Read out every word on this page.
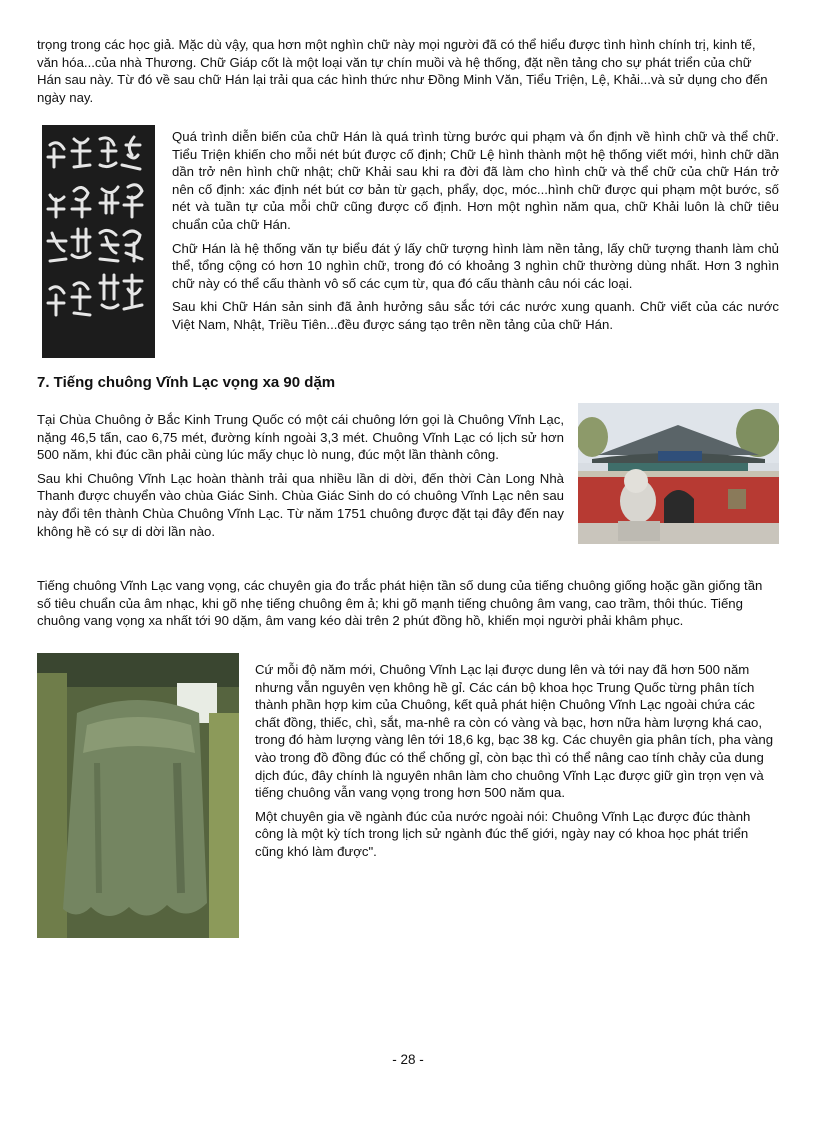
trọng trong các học giả. Mặc dù vậy, qua hơn một nghìn chữ này mọi người đã có thể hiểu được tình hình chính trị, kinh tế, văn hóa...của nhà Thương. Chữ Giáp cốt là một loại văn tự chín muồi và hệ thống, đặt nền tảng cho sự phát triển của chữ Hán sau này. Từ đó về sau chữ Hán lại trải qua các hình thức như Đồng Minh Văn, Tiểu Triện, Lệ, Khải...và sử dụng cho đến ngày nay.

Quá trình diễn biến của chữ Hán là quá trình từng bước qui phạm và ổn định về hình chữ và thể chữ. Tiểu Triện khiến cho mỗi nét bút được cố định; Chữ Lệ hình thành một hệ thống viết mới, hình chữ dần dần trở nên hình chữ nhật; chữ Khải sau khi ra đời đã làm cho hình chữ và thể chữ của chữ Hán trở nên cố định: xác định nét bút cơ bản từ gạch, phẩy, dọc, móc...hình chữ được qui phạm một bước, số nét và tuần tự của mỗi chữ cũng được cố định. Hơn một nghìn năm qua, chữ Khải luôn là chữ tiêu chuẩn của chữ Hán.

Chữ Hán là hệ thống văn tự biểu đát ý lấy chữ tượng hình làm nền tảng, lấy chữ tượng thanh làm chủ thể, tổng cộng có hơn 10 nghìn chữ, trong đó có khoảng 3 nghìn chữ thường dùng nhất. Hơn 3 nghìn chữ này có thể cấu thành vô số các cụm từ, qua đó cấu thành câu nói các loại.

Sau khi Chữ Hán sản sinh đã ảnh hưởng sâu sắc tới các nước xung quanh. Chữ viết của các nước Việt Nam, Nhật, Triều Tiên...đều được sáng tạo trên nền tảng của chữ Hán.

7. Tiếng chuông Vĩnh Lạc vọng xa 90 dặm

Tại Chùa Chuông ở Bắc Kinh Trung Quốc có một cái chuông lớn gọi là Chuông Vĩnh Lạc, nặng 46,5 tấn, cao 6,75 mét, đường kính ngoài 3,3 mét. Chuông Vĩnh Lạc có lịch sử hơn 500 năm, khi đúc cần phải cùng lúc mấy chục lò nung, đúc một lần thành công.

Sau khi Chuông Vĩnh Lạc hoàn thành trải qua nhiều lần di dời, đến thời Càn Long Nhà Thanh được chuyển vào chùa Giác Sinh. Chùa Giác Sinh do có chuông Vĩnh Lạc nên sau này đổi tên thành Chùa Chuông Vĩnh Lạc. Từ năm 1751 chuông được đặt tại đây đến nay không hề có sự di dời lần nào.

Tiếng chuông Vĩnh Lạc vang vọng, các chuyên gia đo trắc phát hiện tần số dung của tiếng chuông giống hoặc gần giống tần số tiêu chuẩn của âm nhạc, khi gõ nhẹ tiếng chuông êm ả; khi gõ mạnh tiếng chuông âm vang, cao trầm, thôi thúc. Tiếng chuông vang vọng xa nhất tới 90 dặm, âm vang kéo dài trên 2 phút đồng hồ, khiến mọi người phải khâm phục.

Cứ mỗi độ năm mới, Chuông Vĩnh Lạc lại được dung lên và tới nay đã hơn 500 năm nhưng vẫn nguyên vẹn không hề gỉ. Các cán bộ khoa học Trung Quốc từng phân tích thành phần hợp kim của Chuông, kết quả phát hiện Chuông Vĩnh Lạc ngoài chứa các chất đồng, thiếc, chì, sắt, ma-nhê ra còn có vàng và bạc, hơn nữa hàm lượng khá cao, trong đó hàm lượng vàng lên tới 18,6 kg, bạc 38 kg. Các chuyên gia phân tích, pha vàng vào trong đồ đồng đúc có thể chống gỉ, còn bạc thì có thể nâng cao tính chảy của dung dịch đúc, đây chính là nguyên nhân làm cho chuông Vĩnh Lạc được giữ gìn trọn vẹn và tiếng chuông vẫn vang vọng trong hơn 500 năm qua.

Một chuyên gia về ngành đúc của nước ngoài nói: Chuông Vĩnh Lạc được đúc thành công là một kỳ tích trong lịch sử ngành đúc thế giới, ngày nay có khoa học phát triển cũng khó làm được".

- 28 -
